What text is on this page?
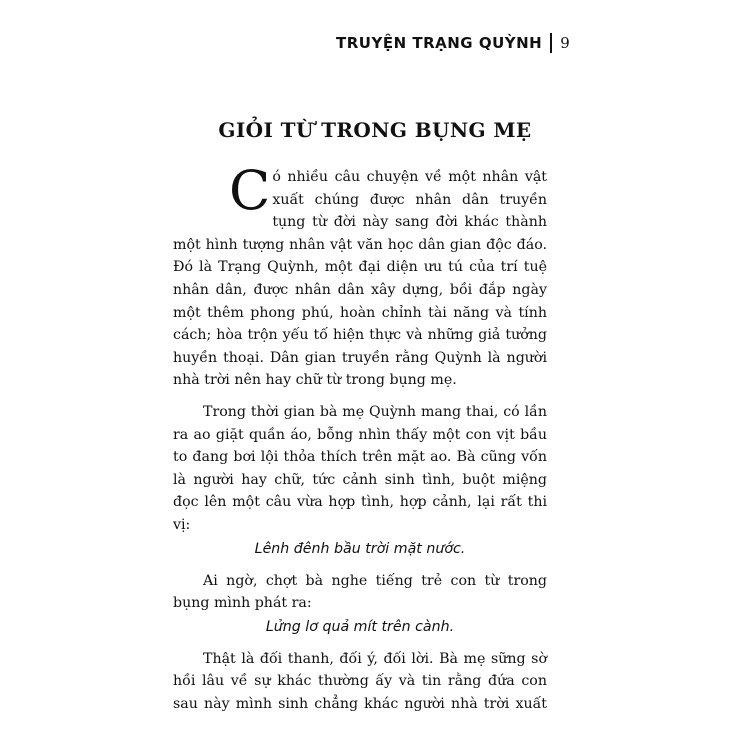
TRUYỆN TRẠNG QUỲNH 9
GIỎI TỪ TRONG BỤNG MẸ

Có nhiều câu chuyện về một nhân vật xuất chúng được nhân dân truyền tụng từ đời này sang đời khác thành một hình tượng nhân vật văn học dân gian độc đáo. Đó là Trạng Quỳnh, một đại diện ưu tú của trí tuệ nhân dân, được nhân dân xây dựng, bồi đắp ngày một thêm phong phú, hoàn chỉnh tài năng và tính cách; hòa trộn yếu tố hiện thực và những giả tưởng huyền thoại. Dân gian truyền rằng Quỳnh là người nhà trời nên hay chữ từ trong bụng mẹ.

Trong thời gian bà mẹ Quỳnh mang thai, có lần ra ao giặt quần áo, bỗng nhìn thấy một con vịt bầu to đang bơi lội thỏa thích trên mặt ao. Bà cũng vốn là người hay chữ, tức cảnh sinh tình, buột miệng đọc lên một câu vừa hợp tình, hợp cảnh, lại rất thi vị:

Lênh đênh bầu trời mặt nước.

Ai ngờ, chợt bà nghe tiếng trẻ con từ trong bụng mình phát ra:

Lửng lơ quả mít trên cành.

Thật là đối thanh, đối ý, đối lời. Bà mẹ sững sờ hồi lâu về sự khác thường ấy và tin rằng đứa con sau này mình sinh chẳng khác người nhà trời xuất
